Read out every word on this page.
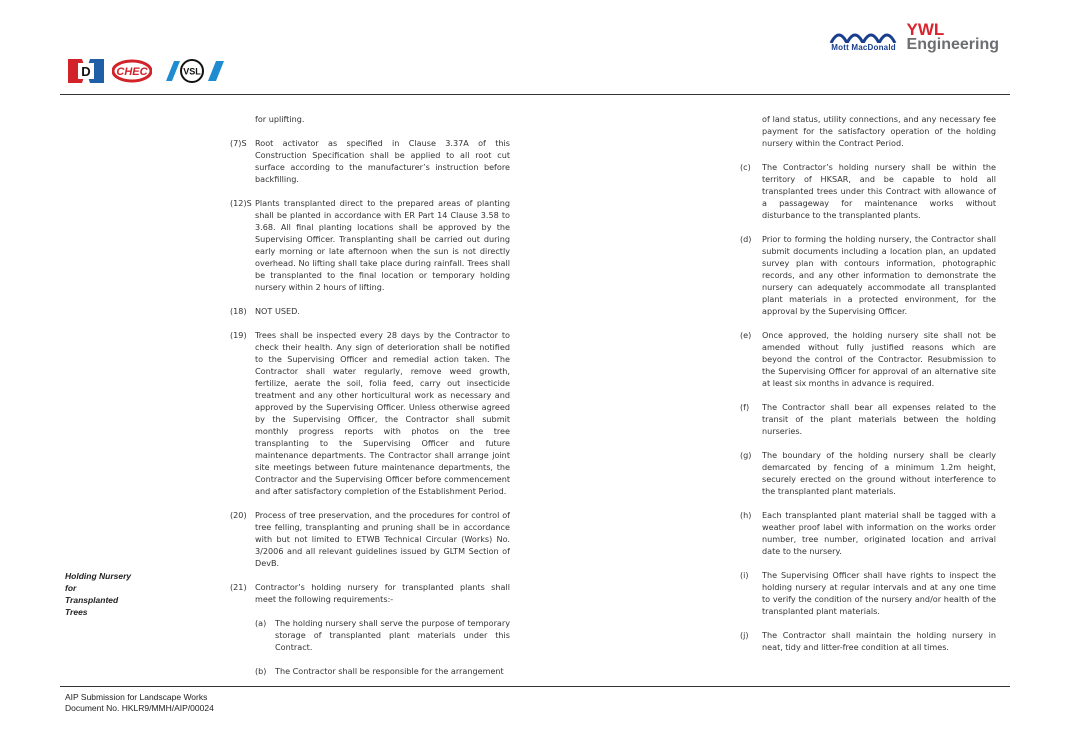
D CHEC	VSL
Mott MacDonald
YWL
Engineering
Holding Nursery
for
Transplanted
Trees
for uplifting.
(7)S	Root activator as specified in Clause 3.37A of this Construction Specification shall be applied to all root cut surface according to the manufacturer’s instruction before backfilling.
(12)S Plants transplanted direct to the prepared areas of planting shall be planted in accordance with ER Part 14 Clause 3.58 to 3.68. All final planting locations shall be approved by the Supervising Officer. Transplanting shall be carried out during early morning or late afternoon when the sun is not directly overhead. No lifting shall take place during rainfall. Trees shall be transplanted to the final location or temporary holding nursery within 2 hours of lifting.
(18)	NOT USED.
(19)	Trees shall be inspected every 28 days by the Contractor to check their health. Any sign of deterioration shall be notified to the Supervising Officer and remedial action taken. The Contractor shall water regularly, remove weed growth, fertilize, aerate the soil, folia feed, carry out insecticide treatment and any other horticultural work as necessary and approved by the Supervising Officer. Unless otherwise agreed by the Supervising Officer, the Contractor shall submit monthly progress reports with photos on the tree transplanting to the Supervising Officer and future maintenance departments. The Contractor shall arrange joint site meetings between future maintenance departments, the Contractor and the Supervising Officer before commencement and after satisfactory completion of the Establishment Period.
(20)	Process of tree preservation, and the procedures for control of tree felling, transplanting and pruning shall be in accordance with but not limited to ETWB Technical Circular (Works) No. 3/2006 and all relevant guidelines issued by GLTM Section of DevB.
(21)	Contractor’s holding nursery for transplanted plants shall meet the following requirements:-
(a)	The holding nursery shall serve the purpose of temporary storage of transplanted plant materials under this Contract.
(b)	The Contractor shall be responsible for the arrangement
of land status, utility connections, and any necessary fee payment for the satisfactory operation of the holding nursery within the Contract Period.
(c)	The Contractor’s holding nursery shall be within the territory of HKSAR, and be capable to hold all transplanted trees under this Contract with allowance of a passageway for maintenance works without disturbance to the transplanted plants.
(d)	Prior to forming the holding nursery, the Contractor shall submit documents including a location plan, an updated survey plan with contours information, photographic records, and any other information to demonstrate the nursery can adequately accommodate all transplanted plant materials in a protected environment, for the approval by the Supervising Officer.
(e)	Once approved, the holding nursery site shall not be amended without fully justified reasons which are beyond the control of the Contractor. Resubmission to the Supervising Officer for approval of an alternative site at least six months in advance is required.
(f)	The Contractor shall bear all expenses related to the transit of the plant materials between the holding nurseries.
(g)	The boundary of the holding nursery shall be clearly demarcated by fencing of a minimum 1.2m height, securely erected on the ground without interference to the transplanted plant materials.
(h)	Each transplanted plant material shall be tagged with a weather proof label with information on the works order number, tree number, originated location and arrival date to the nursery.
(i)	The Supervising Officer shall have rights to inspect the holding nursery at regular intervals and at any one time to verify the condition of the nursery and/or health of the transplanted plant materials.
(j)	The Contractor shall maintain the holding nursery in neat, tidy and litter-free condition at all times.
AIP Submission for Landscape Works
Document No. HKLR9/MMH/AIP/00024
